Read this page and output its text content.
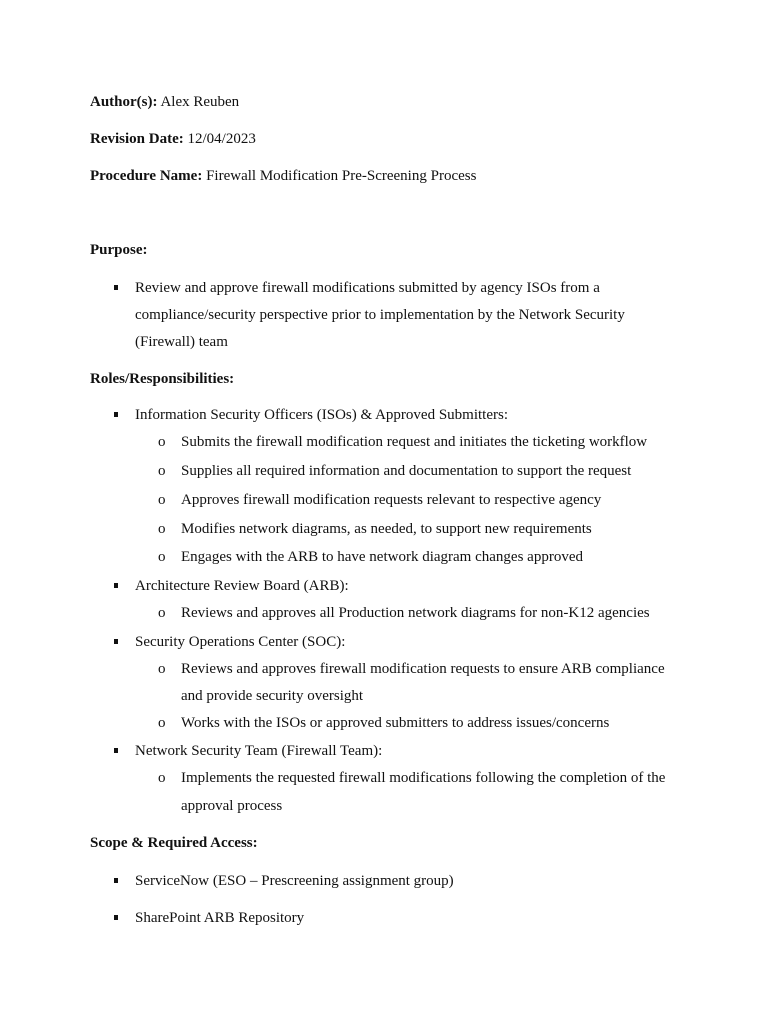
Author(s): Alex Reuben
Revision Date: 12/04/2023
Procedure Name: Firewall Modification Pre-Screening Process
Purpose:
Review and approve firewall modifications submitted by agency ISOs from a
compliance/security perspective prior to implementation by the Network Security
(Firewall) team
Roles/Responsibilities:
Information Security Officers (ISOs) & Approved Submitters:
o Submits the firewall modification request and initiates the ticketing workflow
o Supplies all required information and documentation to support the request
o Approves firewall modification requests relevant to respective agency
o Modifies network diagrams, as needed, to support new requirements
o Engages with the ARB to have network diagram changes approved
Architecture Review Board (ARB):
o Reviews and approves all Production network diagrams for non-K12 agencies
Security Operations Center (SOC):
o Reviews and approves firewall modification requests to ensure ARB compliance
and provide security oversight
o Works with the ISOs or approved submitters to address issues/concerns
Network Security Team (Firewall Team):
o Implements the requested firewall modifications following the completion of the
approval process
Scope & Required Access:
ServiceNow (ESO – Prescreening assignment group)
SharePoint ARB Repository
